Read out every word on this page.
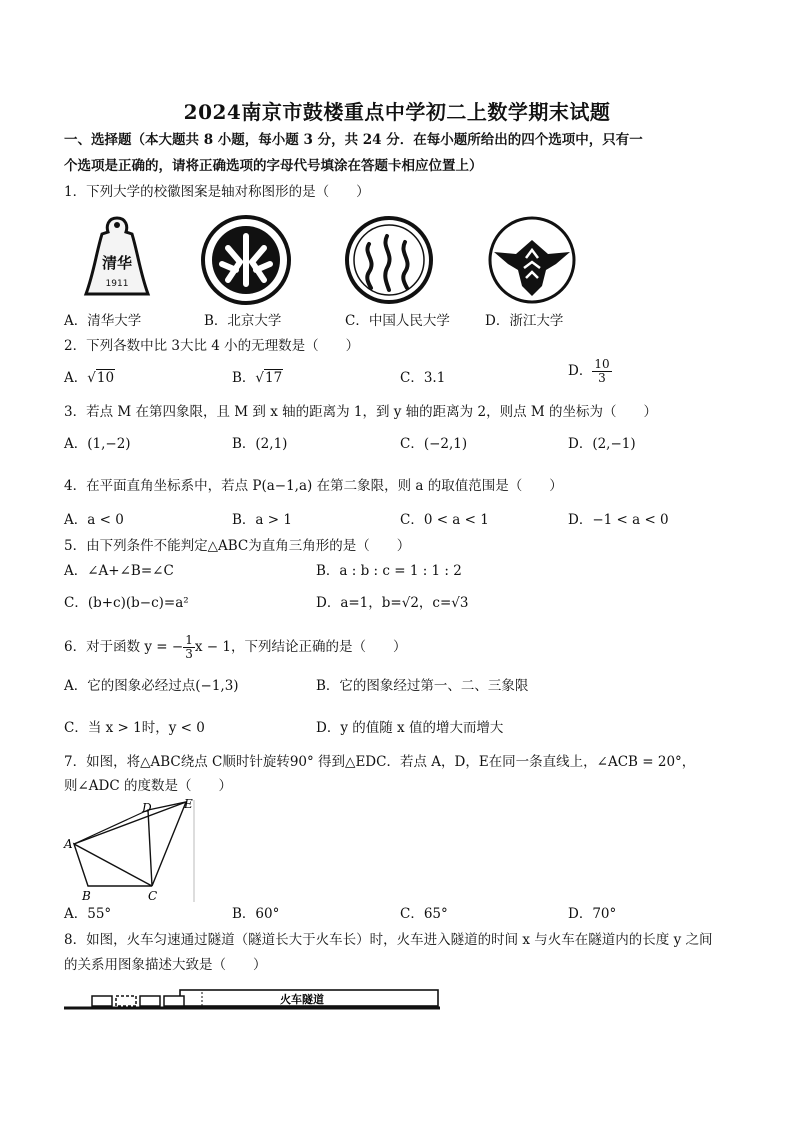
2024南京市鼓楼重点中学初二上数学期末试题
一、选择题（本大题共 8 小题，每小题 3 分，共 24 分．在每小题所给出的四个选项中，只有一
个选项是正确的，请将正确选项的字母代号填涂在答题卡相应位置上）
1．下列大学的校徽图案是轴对称图形的是（　　）
清华
1911
A．清华大学	B．北京大学	C．中国人民大学	D．浙江大学
2．下列各数中比 3大比 4 小的无理数是（　　）
A．√10	B．√17	C．3.1	D． $\frac{10}{3}$
3．若点 M 在第四象限，且 M 到 x 轴的距离为 1，到 y 轴的距离为 2，则点 M 的坐标为（　　）
A．(1,−2)	B．(2,1)	C．(−2,1)	D．(2,−1)
4．在平面直角坐标系中，若点 P(a−1,a) 在第二象限，则 a 的取值范围是（　　）
A．a < 0	B．a > 1	C．0 < a < 1	D．−1 < a < 0
5．由下列条件不能判定△ABC为直角三角形的是（　　）
A．∠A+∠B=∠C	B．a : b : c = 1 : 1 : 2
C．(b+c)(b−c)=a²	D．a=1，b=√2，c=√3
6．对于函数 y = − $\frac{1}{3}$ x − 1，下列结论正确的是（　　）
A．它的图象必经过点(−1,3)	B．它的图象经过第一、二、三象限
C．当 x > 1时，y < 0	D．y 的值随 x 值的增大而增大
7．如图，将△ABC绕点 C顺时针旋转90° 得到△EDC．若点 A，D，E在同一条直线上，∠ACB = 20°，
则∠ADC 的度数是（　　）
A
B	C
D	E
A．55°	B．60°	C．65°	D．70°
8．如图，火车匀速通过隧道（隧道长大于火车长）时，火车进入隧道的时间 x 与火车在隧道内的长度 y 之间
的关系用图象描述大致是（　　）
火车隧道
